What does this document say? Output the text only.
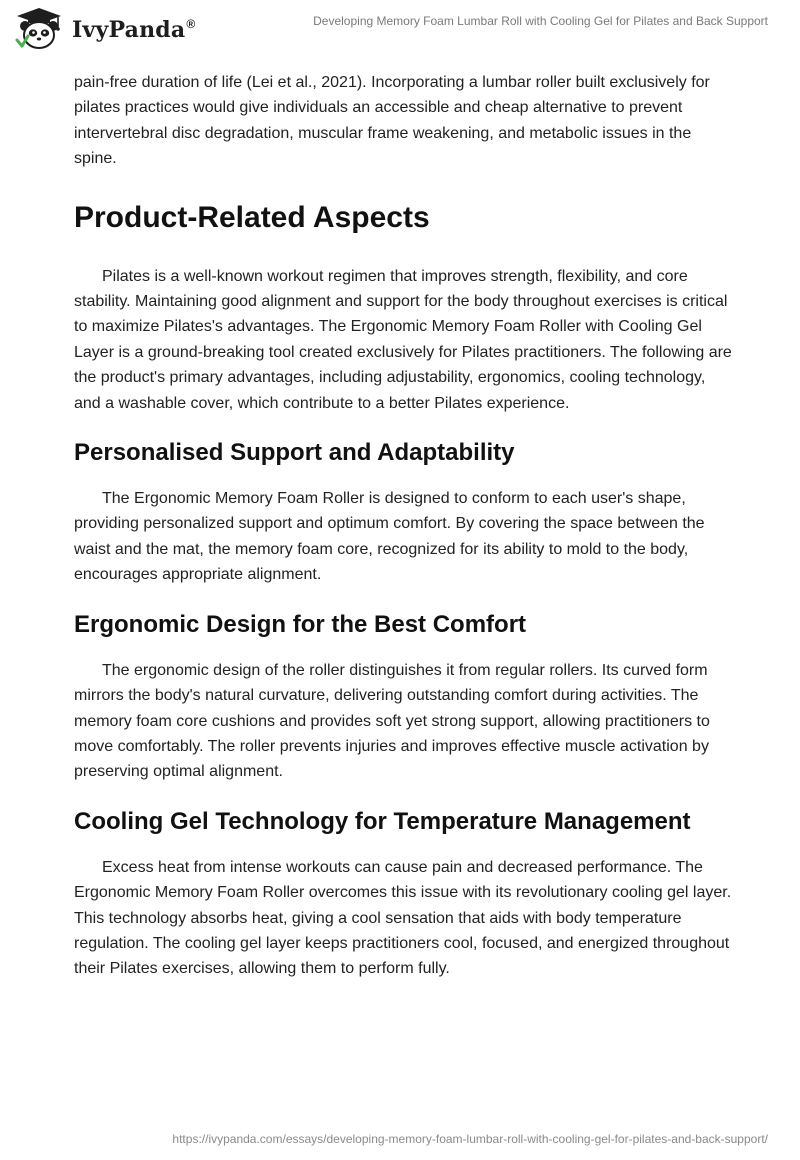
IvyPanda®	Developing Memory Foam Lumbar Roll with Cooling Gel for Pilates and Back Support

pain-free duration of life (Lei et al., 2021). Incorporating a lumbar roller built exclusively for pilates practices would give individuals an accessible and cheap alternative to prevent intervertebral disc degradation, muscular frame weakening, and metabolic issues in the spine.

Product-Related Aspects

Pilates is a well-known workout regimen that improves strength, flexibility, and core stability. Maintaining good alignment and support for the body throughout exercises is critical to maximize Pilates's advantages. The Ergonomic Memory Foam Roller with Cooling Gel Layer is a ground-breaking tool created exclusively for Pilates practitioners. The following are the product's primary advantages, including adjustability, ergonomics, cooling technology, and a washable cover, which contribute to a better Pilates experience.

Personalised Support and Adaptability

The Ergonomic Memory Foam Roller is designed to conform to each user's shape, providing personalized support and optimum comfort. By covering the space between the waist and the mat, the memory foam core, recognized for its ability to mold to the body, encourages appropriate alignment.

Ergonomic Design for the Best Comfort

The ergonomic design of the roller distinguishes it from regular rollers. Its curved form mirrors the body's natural curvature, delivering outstanding comfort during activities. The memory foam core cushions and provides soft yet strong support, allowing practitioners to move comfortably. The roller prevents injuries and improves effective muscle activation by preserving optimal alignment.

Cooling Gel Technology for Temperature Management

Excess heat from intense workouts can cause pain and decreased performance. The Ergonomic Memory Foam Roller overcomes this issue with its revolutionary cooling gel layer. This technology absorbs heat, giving a cool sensation that aids with body temperature regulation. The cooling gel layer keeps practitioners cool, focused, and energized throughout their Pilates exercises, allowing them to perform fully.

https://ivypanda.com/essays/developing-memory-foam-lumbar-roll-with-cooling-gel-for-pilates-and-back-support/
